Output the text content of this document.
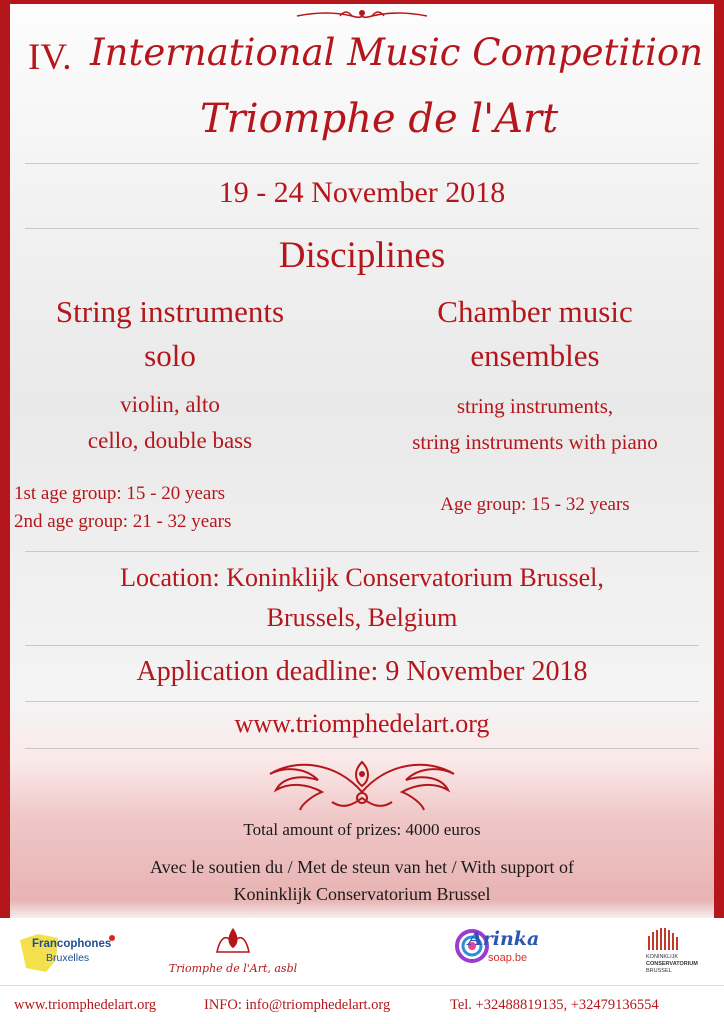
IV. International Music Competition
Triomphe de l'Art
19 - 24 November 2018
Disciplines
String instruments
solo
violin, alto
cello, double bass
1st age group: 15 - 20 years
2nd age group: 21 - 32 years
Chamber music
ensembles
string instruments,
string instruments with piano
Age group: 15 - 32 years
Location: Koninklijk Conservatorium Brussel,
Brussels, Belgium
Application deadline: 9 November 2018
www.triomphedelart.org
Total amount of prizes: 4000 euros
Avec le soutien du / Met de steun van het / With support of
Koninklijk Conservatorium Brussel
Francophones
Bruxelles
Triomphe de l'Art, asbl
Arinka
soap.be	KONINKLIJK
CONSERVATORIUM
BRUSSEL
www.triomphedelart.org	INFO: info@triomphedelart.org	Tel. +32488819135, +32479136554
